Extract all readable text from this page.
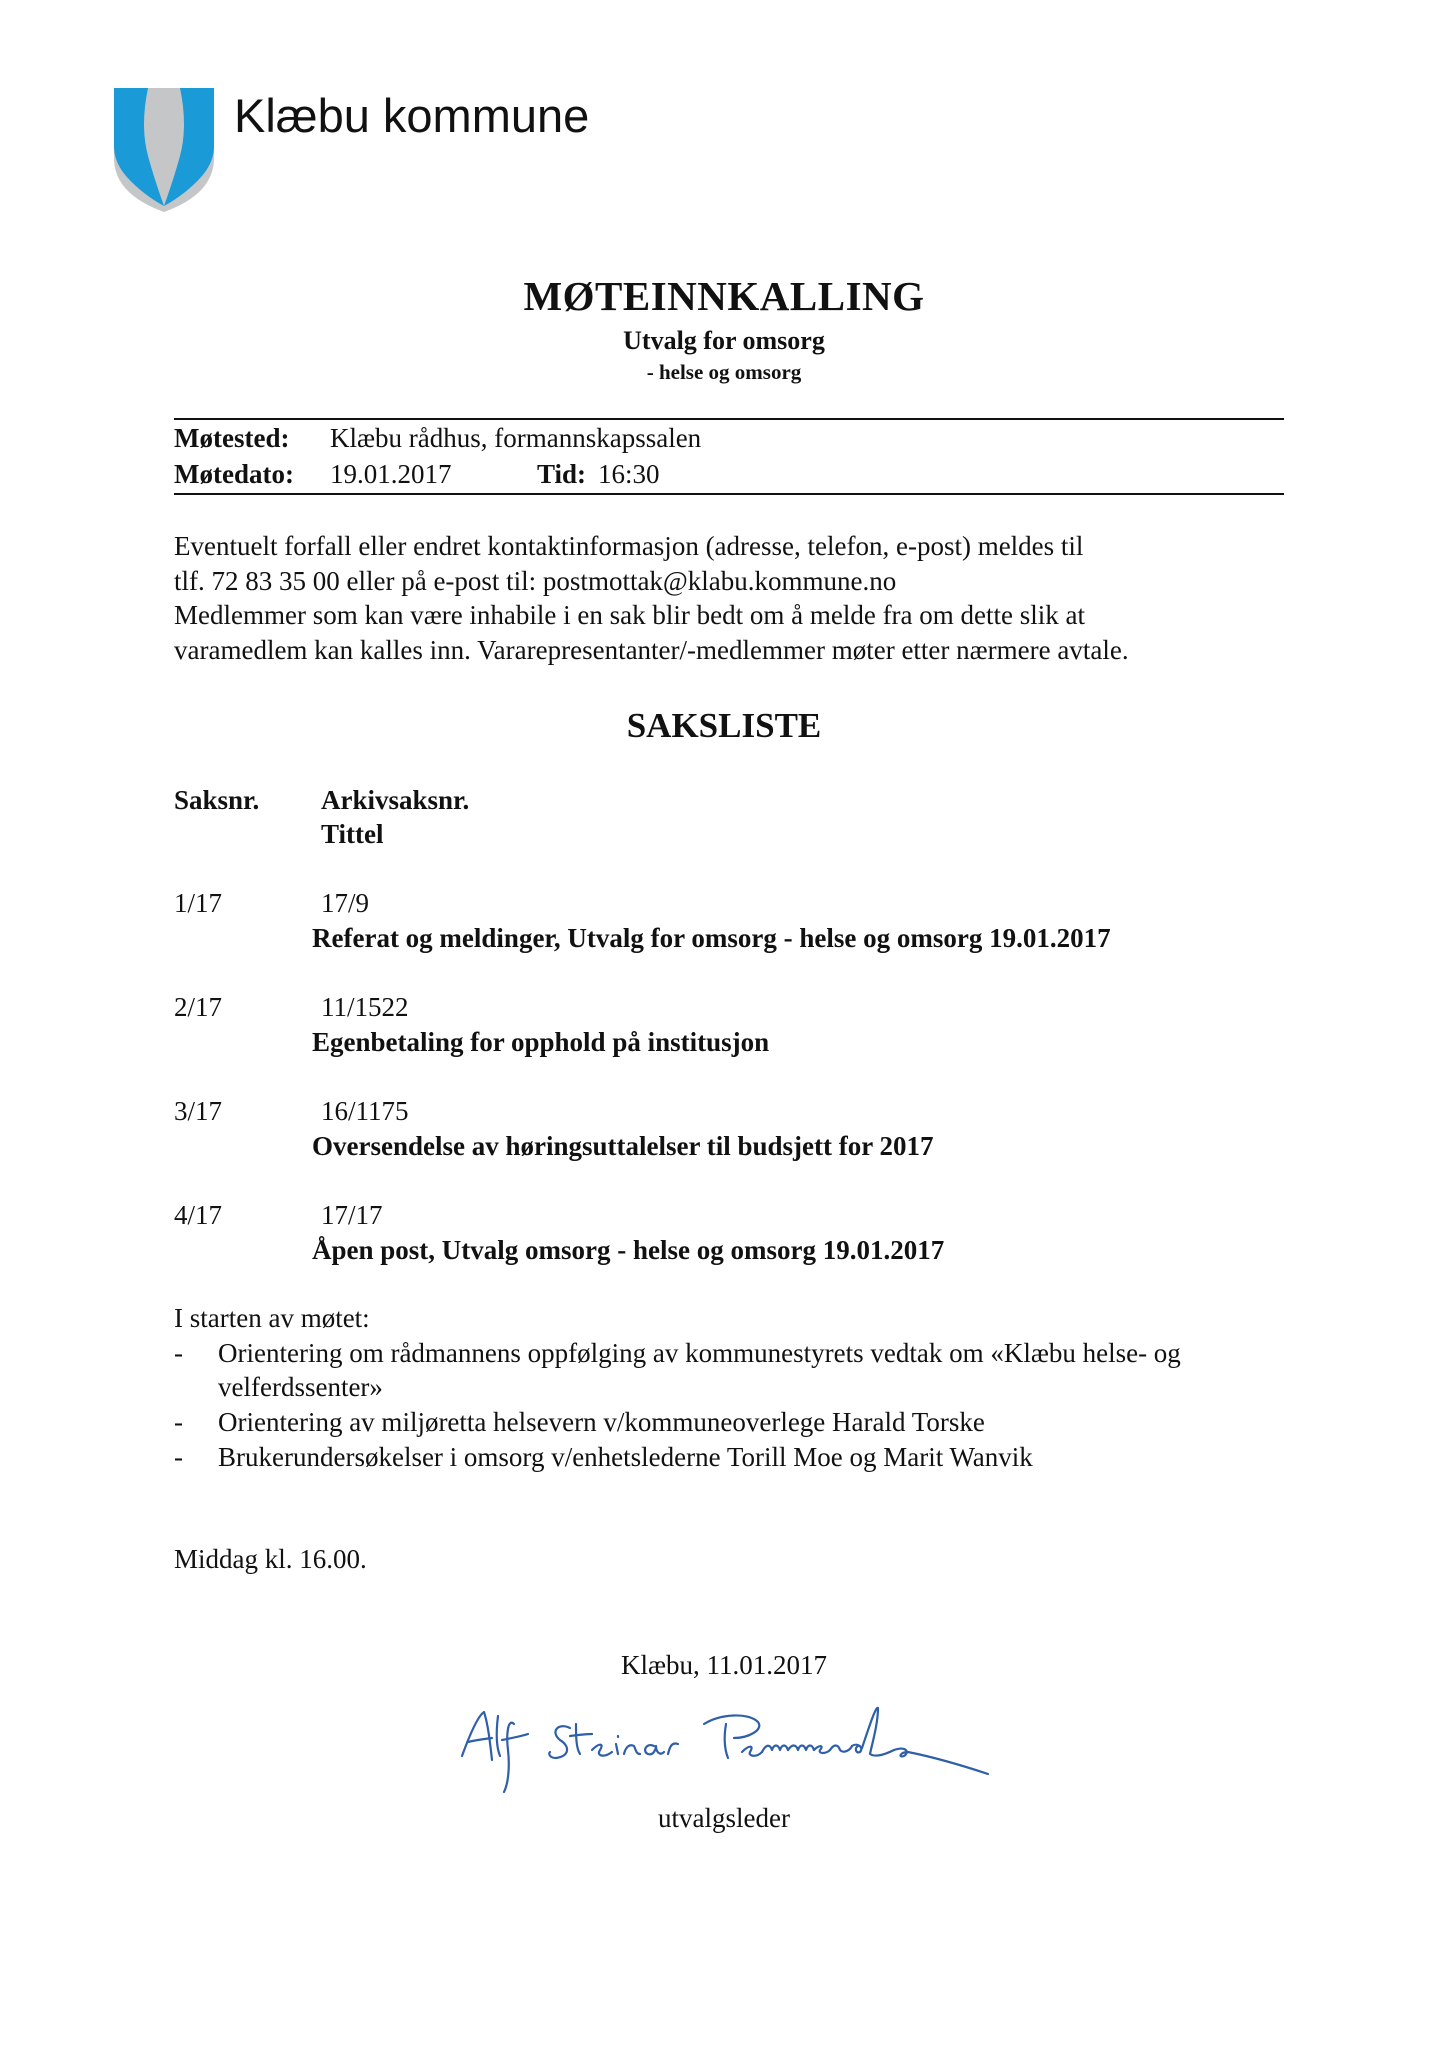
Klæbu kommune
MØTEINNKALLING
Utvalg for omsorg
- helse og omsorg
Møtested: Klæbu rådhus, formannskapssalen
Møtedato: 19.01.2017	Tid: 16:30
Eventuelt forfall eller endret kontaktinformasjon (adresse, telefon, e-post) meldes til
tlf. 72 83 35 00 eller på e-post til: postmottak@klabu.kommune.no
Medlemmer som kan være inhabile i en sak blir bedt om å melde fra om dette slik at
varamedlem kan kalles inn. Vararepresentanter/-medlemmer møter etter nærmere avtale.
SAKSLISTE
Saksnr. Arkivsaksnr.
Tittel
1/17	17/9
Referat og meldinger, Utvalg for omsorg - helse og omsorg 19.01.2017
2/17	11/1522
Egenbetaling for opphold på institusjon
3/17	16/1175
Oversendelse av høringsuttalelser til budsjett for 2017
4/17	17/17
Åpen post, Utvalg omsorg - helse og omsorg 19.01.2017
I starten av møtet:
- Orientering om rådmannens oppfølging av kommunestyrets vedtak om «Klæbu helse- og
velferdssenter»
- Orientering av miljøretta helsevern v/kommuneoverlege Harald Torske
- Brukerundersøkelser i omsorg v/enhetslederne Torill Moe og Marit Wanvik
Middag kl. 16.00.
Klæbu, 11.01.2017
utvalgsleder
